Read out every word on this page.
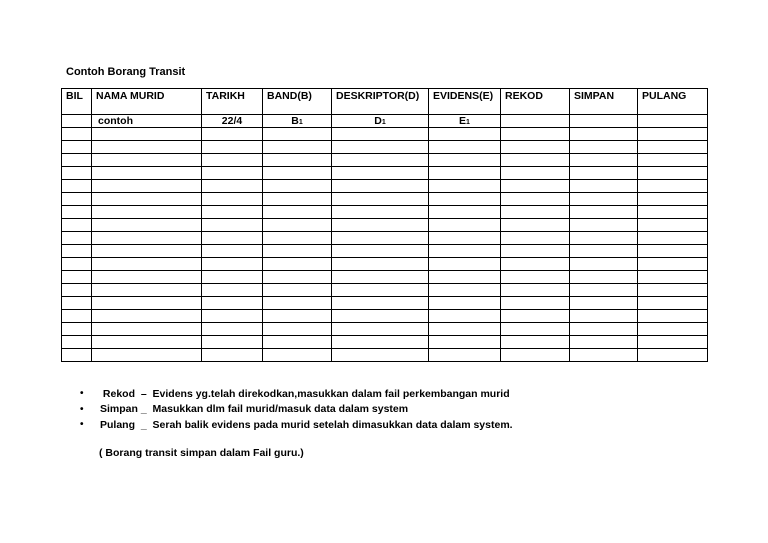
Contoh Borang Transit
BIL	NAMA MURID	TARIKH	BAND(B)	DESKRIPTOR(D)	EVIDENS(E)	REKOD	SIMPAN	PULANG
	contoh	22/4	B1	D1	E1			

•	Rekod  –  Evidens yg.telah direkodkan,masukkan dalam fail perkembangan murid
•	Simpan _  Masukkan dlm fail murid/masuk data dalam system
•	Pulang  _  Serah balik evidens pada murid setelah dimasukkan data dalam system.
( Borang transit simpan dalam Fail guru.)
